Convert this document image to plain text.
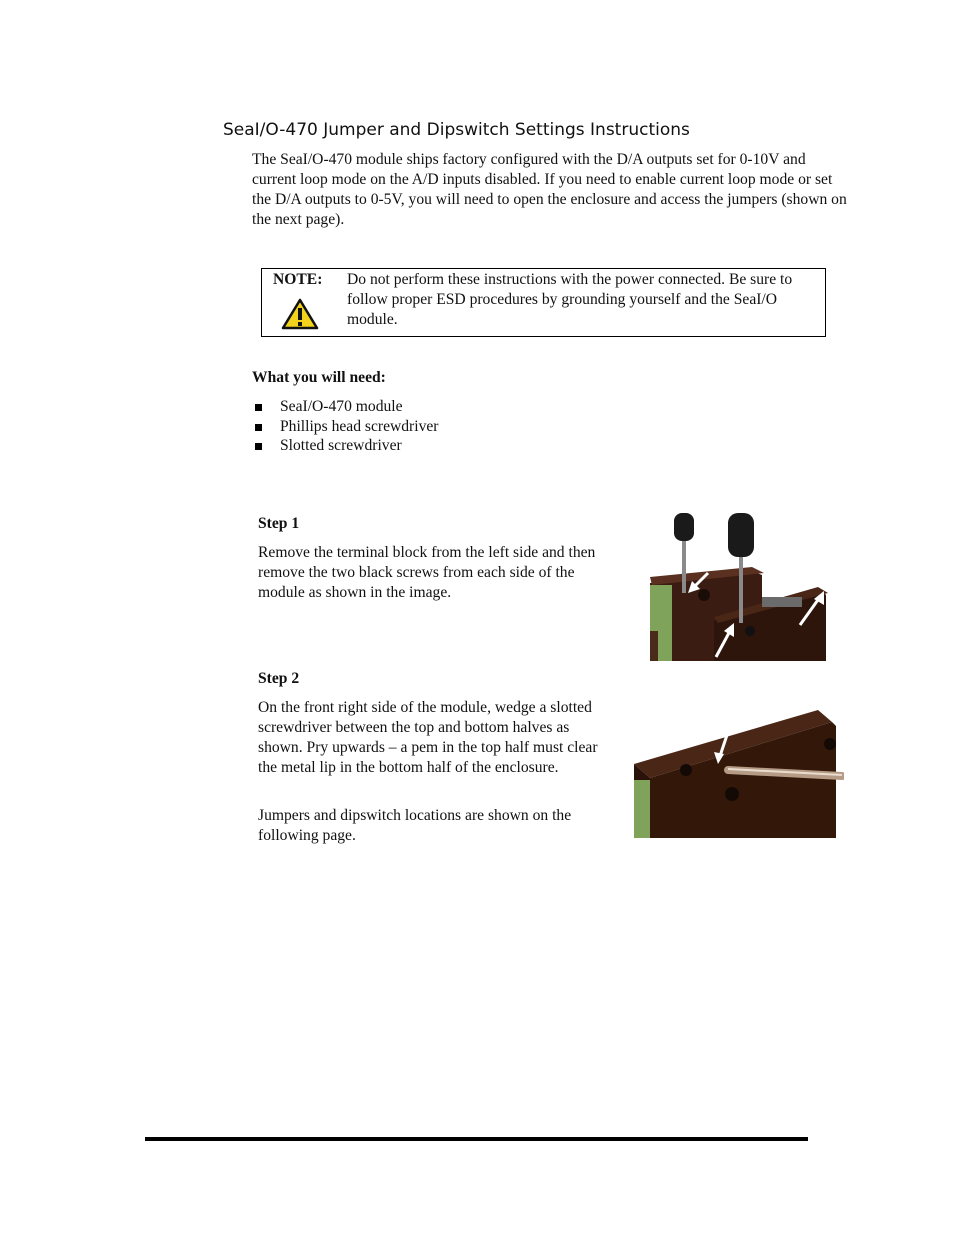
SeaI/O-470 Jumper and Dipswitch Settings Instructions

The SeaI/O-470 module ships factory configured with the D/A outputs set for 0-10V and current loop mode on the A/D inputs disabled. If you need to enable current loop mode or set the D/A outputs to 0-5V, you will need to open the enclosure and access the jumpers (shown on the next page).

NOTE: Do not perform these instructions with the power connected. Be sure to follow proper ESD procedures by grounding yourself and the SeaI/O module.

What you will need:
SeaI/O-470 module
Phillips head screwdriver
Slotted screwdriver
Step 1

Remove the terminal block from the left side and then remove the two black screws from each side of the module as shown in the image.

Step 2

On the front right side of the module, wedge a slotted screwdriver between the top and bottom halves as shown. Pry upwards – a pem in the top half must clear the metal lip in the bottom half of the enclosure.

Jumpers and dipswitch locations are shown on the following page.
